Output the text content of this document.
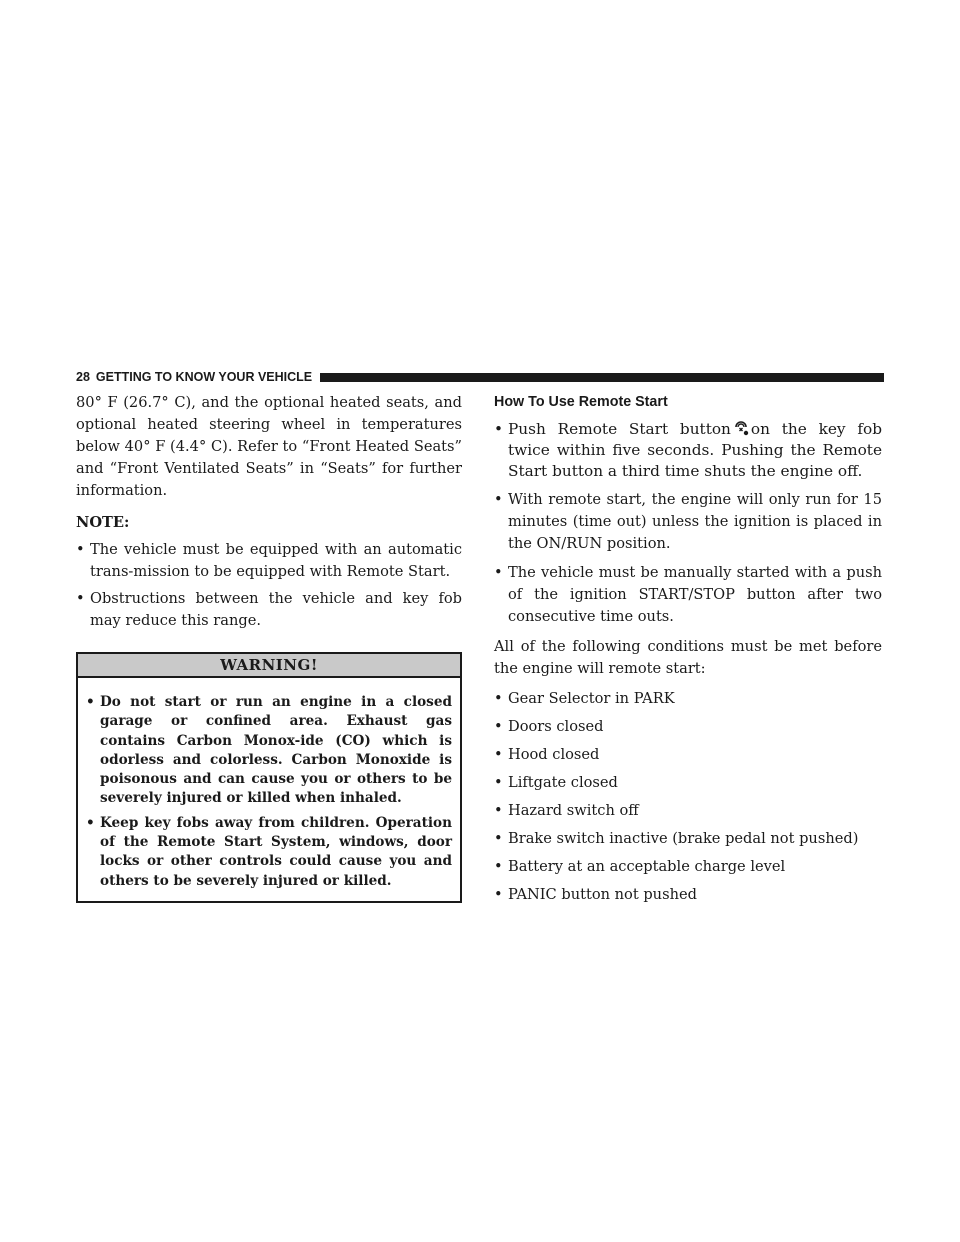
28 GETTING TO KNOW YOUR VEHICLE

80° F (26.7° C), and the optional heated seats, and optional heated steering wheel in temperatures below 40° F (4.4° C). Refer to “Front Heated Seats” and “Front Ventilated Seats” in “Seats” for further information.

NOTE:

• The vehicle must be equipped with an automatic trans-mission to be equipped with Remote Start.
• Obstructions between the vehicle and key fob may reduce this range.
WARNING!
• Do not start or run an engine in a closed garage or confined area. Exhaust gas contains Carbon Monox-ide (CO) which is odorless and colorless. Carbon Monoxide is poisonous and can cause you or others to be severely injured or killed when inhaled.
• Keep key fobs away from children. Operation of the Remote Start System, windows, door locks or other controls could cause you and others to be severely injured or killed.
How To Use Remote Start
• Push Remote Start button on the key fob twice within five seconds. Pushing the Remote Start button a third time shuts the engine off.
• With remote start, the engine will only run for 15 minutes (time out) unless the ignition is placed in the ON/RUN position.
• The vehicle must be manually started with a push of the ignition START/STOP button after two consecutive time outs.

All of the following conditions must be met before the engine will remote start:

• Gear Selector in PARK
• Doors closed
• Hood closed
• Liftgate closed
• Hazard switch off
• Brake switch inactive (brake pedal not pushed)
• Battery at an acceptable charge level
• PANIC button not pushed
